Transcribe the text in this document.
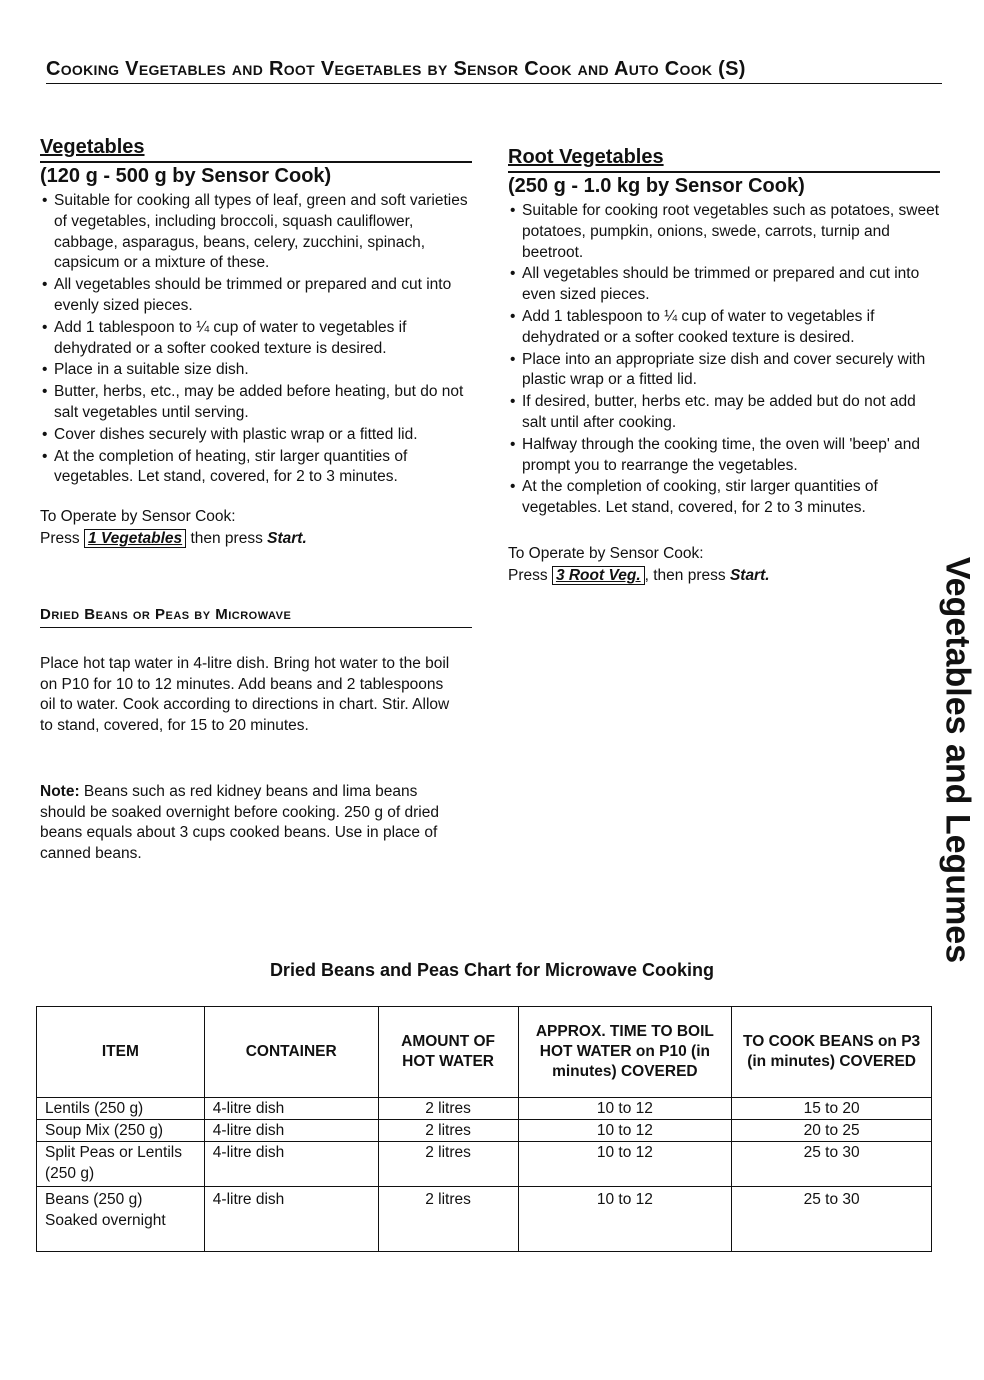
Cooking Vegetables and Root Vegetables by Sensor Cook and Auto Cook (S)
Vegetables
(120 g - 500 g by Sensor Cook)
• Suitable for cooking all types of leaf, green and soft varieties of vegetables, including broccoli, squash cauliflower, cabbage, asparagus, beans, celery, zucchini, spinach, capsicum or a mixture of these.
• All vegetables should be trimmed or prepared and cut into evenly sized pieces.
• Add 1 tablespoon to ¼ cup of water to vegetables if dehydrated or a softer cooked texture is desired.
• Place in a suitable size dish.
• Butter, herbs, etc., may be added before heating, but do not salt vegetables until serving.
• Cover dishes securely with plastic wrap or a fitted lid.
• At the completion of heating, stir larger quantities of vegetables. Let stand, covered, for 2 to 3 minutes.
To Operate by Sensor Cook:
Press 1 Vegetables then press Start.
Root Vegetables
(250 g - 1.0 kg by Sensor Cook)
• Suitable for cooking root vegetables such as potatoes, sweet potatoes, pumpkin, onions, swede, carrots, turnip and beetroot.
• All vegetables should be trimmed or prepared and cut into even sized pieces.
• Add 1 tablespoon to ¼ cup of water to vegetables if dehydrated or a softer cooked texture is desired.
• Place into an appropriate size dish and cover securely with plastic wrap or a fitted lid.
• If desired, butter, herbs etc. may be added but do not add salt until after cooking.
• Halfway through the cooking time, the oven will 'beep' and prompt you to rearrange the vegetables.
• At the completion of cooking, stir larger quantities of vegetables. Let stand, covered, for 2 to 3 minutes.
To Operate by Sensor Cook:
Press 3 Root Veg. , then press Start.
Dried Beans or Peas by Microwave

Place hot tap water in 4-litre dish. Bring hot water to the boil on P10 for 10 to 12 minutes. Add beans and 2 tablespoons oil to water. Cook according to directions in chart. Stir. Allow to stand, covered, for 15 to 20 minutes.

Note: Beans such as red kidney beans and lima beans should be soaked overnight before cooking. 250 g of dried beans equals about 3 cups cooked beans. Use in place of canned beans.

Dried Beans and Peas Chart for Microwave Cooking
ITEM	CONTAINER	AMOUNT OF HOT WATER	APPROX. TIME TO BOIL HOT WATER on P10 (in minutes) COVERED	TO COOK BEANS on P3 (in minutes) COVERED
Lentils (250 g)	4-litre dish	2 litres	10 to 12	15 to 20
Soup Mix (250 g)	4-litre dish	2 litres	10 to 12	20 to 25
Split Peas or Lentils (250 g)	4-litre dish	2 litres	10 to 12	25 to 30
Beans (250 g) Soaked overnight	4-litre dish	2 litres	10 to 12	25 to 30
Vegetables and Legumes
